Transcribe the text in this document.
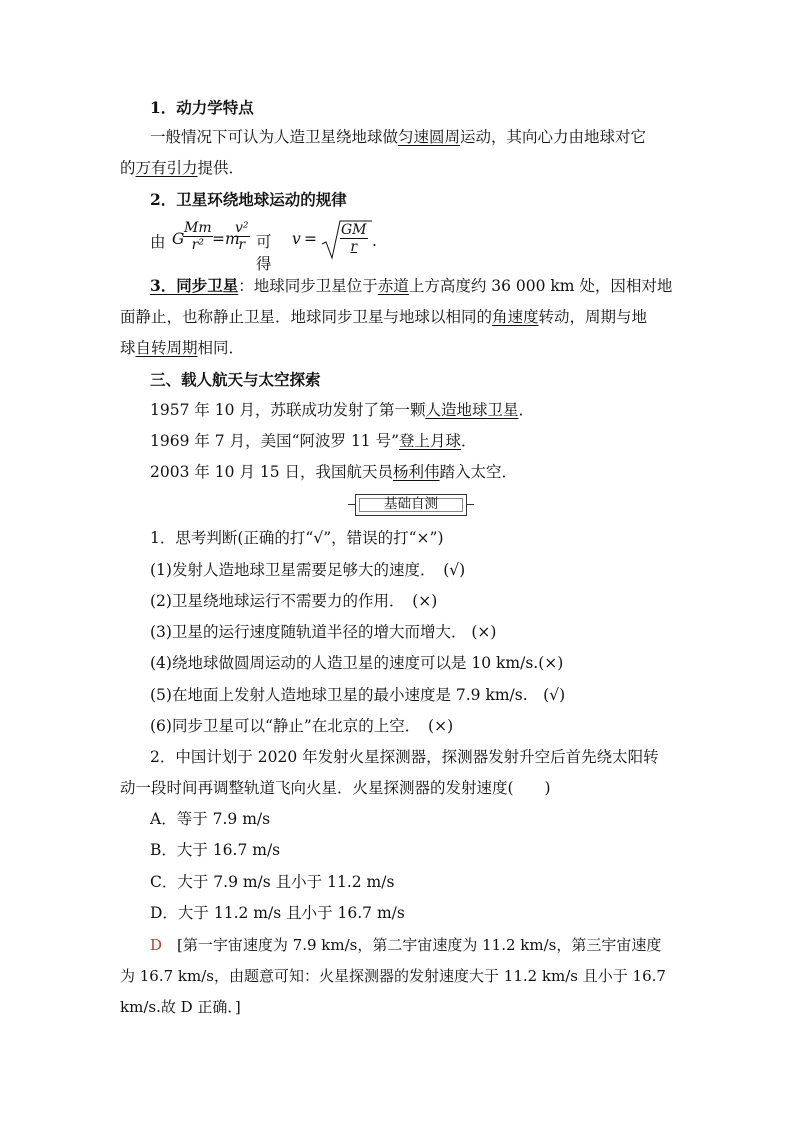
1．动力学特点
一般情况下可认为人造卫星绕地球做匀速圆周运动，其向心力由地球对它
的万有引力提供．
2．卫星环绕地球运动的规律
由 G
$\frac{Mm}{\text{r²}} =m$
$\frac{\text{v²}}{r}$ 可得
$v = \frac{GM}{r}$ .
3．同步卫星：地球同步卫星位于赤道上方高度约 36 000 km 处，因相对地
面静止，也称静止卫星．地球同步卫星与地球以相同的角速度转动，周期与地
球自转周期相同．
三、载人航天与太空探索
1957 年 10 月，苏联成功发射了第一颗人造地球卫星．
1969 年 7 月，美国“阿波罗 11 号”登上月球．
2003 年 10 月 15 日，我国航天员杨利伟踏入太空．
基础自测
1．思考判断(正确的打“√”，错误的打“×”)
(1)发射人造地球卫星需要足够大的速度．　(√)
(2)卫星绕地球运行不需要力的作用．　(×)
(3)卫星的运行速度随轨道半径的增大而增大． (×)
(4)绕地球做圆周运动的人造卫星的速度可以是 10 km/s.(×)
(5)在地面上发射人造地球卫星的最小速度是 7.9 km/s.　(√)
(6)同步卫星可以“静止”在北京的上空．　(×)
2．中国计划于 2020 年发射火星探测器，探测器发射升空后首先绕太阳转
动一段时间再调整轨道飞向火星．火星探测器的发射速度(　　)
A．等于 7.9 m/s
B．大于 16.7 m/s
C．大于 7.9 m/s 且小于 11.2 m/s
D．大于 11.2 m/s 且小于 16.7 m/s
D　[第一宇宙速度为 7.9 km/s，第二宇宙速度为 11.2 km/s，第三宇宙速度
为 16.7 km/s，由题意可知：火星探测器的发射速度大于 11.2 km/s 且小于 16.7
km/s.故 D 正确．]
